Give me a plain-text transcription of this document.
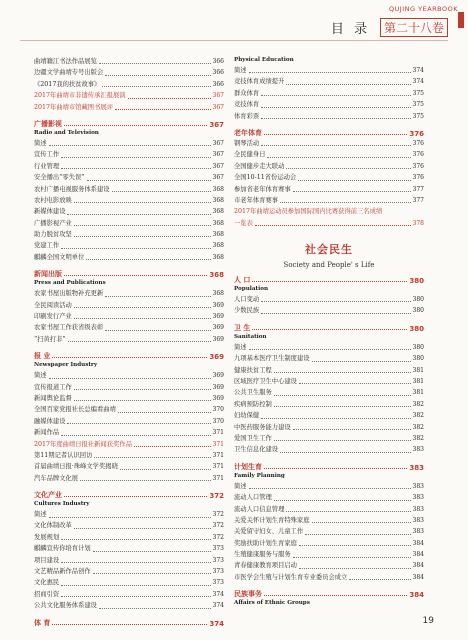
QUJING YEARBOOK
目 录	第二十八卷
曲靖籍江书法作品展览	366
边疆文学曲靖专号出版会	366
《2017我的扶贫故事》	366
2017年曲靖市非遗传承汇报展演	367
2017年曲靖市馆藏图书展评	367
广播影视	367
Radio and Television
简述	367
宣传工作	367
行业管理	367
安全播出“零失误”	367
农村广播电视服务体系建设	368
农村电影放映	368
新媒体建设	368
广播影视产业	368
助力脱贫攻坚	368
党建工作	368
麒麟全国文明单位	368
新闻出版	368
Press and Publications
农家书屋出版物补充更新	368
全民阅读活动	369
印刷发行产业	369
农家书屋工作获省级表彰	369
“扫黄打非”	369
报 业	369
Newspaper Industry
简述	369
宣传报道工作	369
新闻舆论监督	369
全国百家党报社长总编看曲靖	370
融媒体建设	370
新闻作品	371
2017年度曲靖日报社新闻获奖作品	371
第11期记者认识回访	371
首届曲靖日报·珠峰文学奖揭晓	371
汽车品牌文化展	371
文化产业	372
Cultures Industry
简述	372
文化体制改革	372
发展规划	372
麒麟宣传你培育计划	373
项目建设	373
文艺精品新作品创作	373
文化惠民	373
招商引资	374
公共文化服务体系建设	374
体 育	374
Physical Education
简述	374
竞技体育成绩提升	374
群众体育	375
竞技体育	375
体育彩票	375
老年体育	376
钢琴活动	376
全民健身日	376
全国健步走大联动	376
全国10-11省份运动会	376
参加省老年体育赛事	377
市老年体育赛事	377
2017年曲靖运动员参加国际国内比赛获得前三名成绩
一览表	378
社会民生
Society and People' s Life
人 口	380
Population
人口变动	380
少数民族	380
卫 生	380
Sanitation
简述	380
九项基本医疗卫生制度建设	380
健康扶贫工程	381
区域医疗卫生中心建设	381
公共卫生服务	381
疾病预防控制	382
妇幼保健	382
中医药服务能力建设	382
爱国卫生工作	382
卫生信息化建设	383
计划生育	383
Family Planning
简述	383
流动人口管理	383
流动人口信息管理	383
关爱关怀计划生育特殊家庭	383
关爱留守妇女、儿童工作	383
奖励扶助计划生育家庭	384
生殖健康服务与服务	384
青春健康教育项目启动	384
市医学会生殖与计划生育专业委员会成立	384
民族事务	384
Affairs of Ethnic Groups
19
